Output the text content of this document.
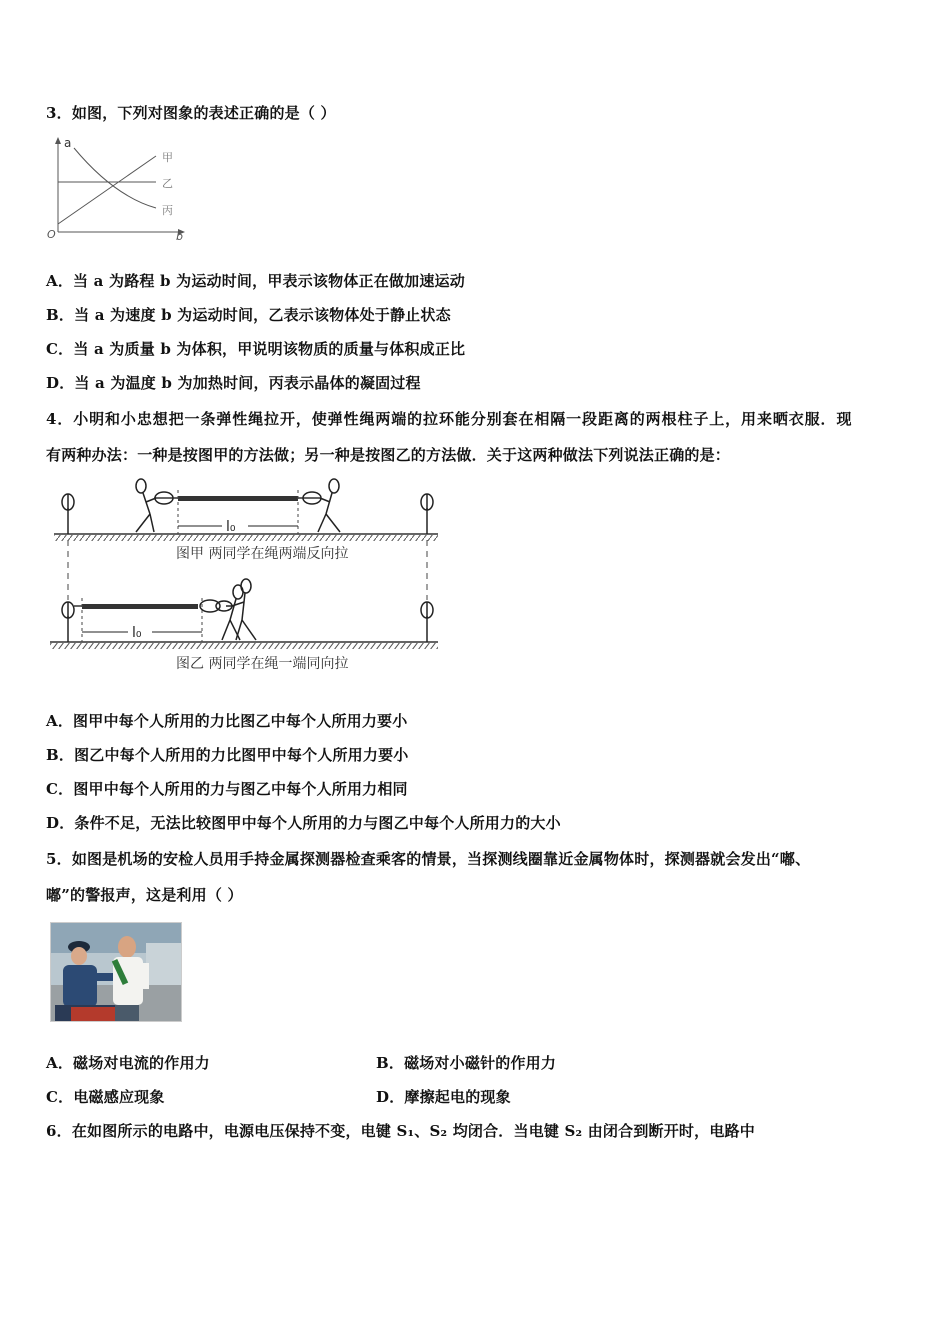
3．如图，下列对图象的表述正确的是（ ）
a
b
O
甲
乙
丙
A．当 a 为路程 b 为运动时间，甲表示该物体正在做加速运动
B．当 a 为速度 b 为运动时间，乙表示该物体处于静止状态
C．当 a 为质量 b 为体积，甲说明该物质的质量与体积成正比
D．当 a 为温度 b 为加热时间，丙表示晶体的凝固过程
4．小明和小忠想把一条弹性绳拉开，使弹性绳两端的拉环能分别套在相隔一段距离的两根柱子上，用来晒衣服．现
有两种办法：一种是按图甲的方法做；另一种是按图乙的方法做．关于这两种做法下列说法正确的是：
l₀
图甲 两同学在绳两端反向拉
l₀
图乙 两同学在绳一端同向拉
A．图甲中每个人所用的力比图乙中每个人所用力要小
B．图乙中每个人所用的力比图甲中每个人所用力要小
C．图甲中每个人所用的力与图乙中每个人所用力相同
D．条件不足，无法比较图甲中每个人所用的力与图乙中每个人所用力的大小
5．如图是机场的安检人员用手持金属探测器检查乘客的情景，当探测线圈靠近金属物体时，探测器就会发出“嘟、
嘟”的警报声，这是利用（ ）
A．磁场对电流的作用力	B．磁场对小磁针的作用力
C．电磁感应现象	D．摩擦起电的现象
6．在如图所示的电路中，电源电压保持不变，电键 S₁、S₂ 均闭合．当电键 S₂ 由闭合到断开时，电路中
